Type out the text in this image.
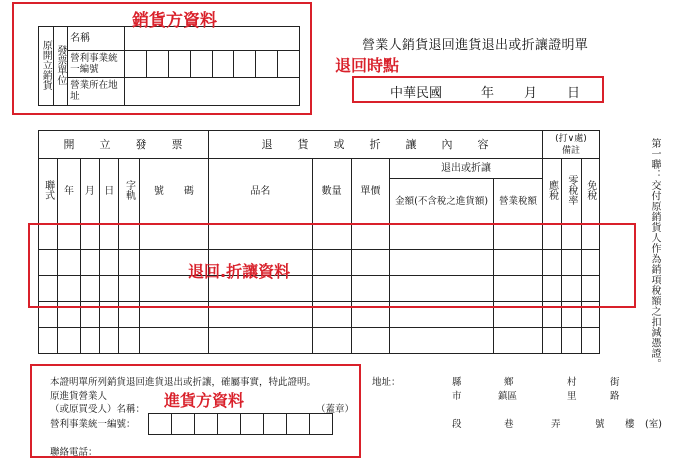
原開立銷貨	發票單位	名稱								
		營利事業統一編號								
		營業所在地址								
營業人銷貨退回進貨退出或折讓證明單
中華民國	年 月 日
開　　立　　發　　票						退　　貨　　或　　折　　讓　　內　　容					(打∨處)
備註		

聯式	年	月	日	字軌	號　　碼	品名	數量	單價	退出或折讓		應稅	零稅率	免稅
									金額(不含稅之進貨額)	營業稅額			

														第一聯：交付原銷貨人作為銷項稅額之扣減憑證。
本證明單所列銷貨退回進貨退出或折讓，確屬事實，特此證明。
原進貨營業人
（或原買受人）名稱：	（蓋章）
營利事業統一編號：

聯絡電話：
地址：	縣	鄉	村	街
市	鎮區	里	路
段	巷	弄	號 樓 (室)
銷貨方資料
退回時點
退回.折讓資料
進貨方資料
